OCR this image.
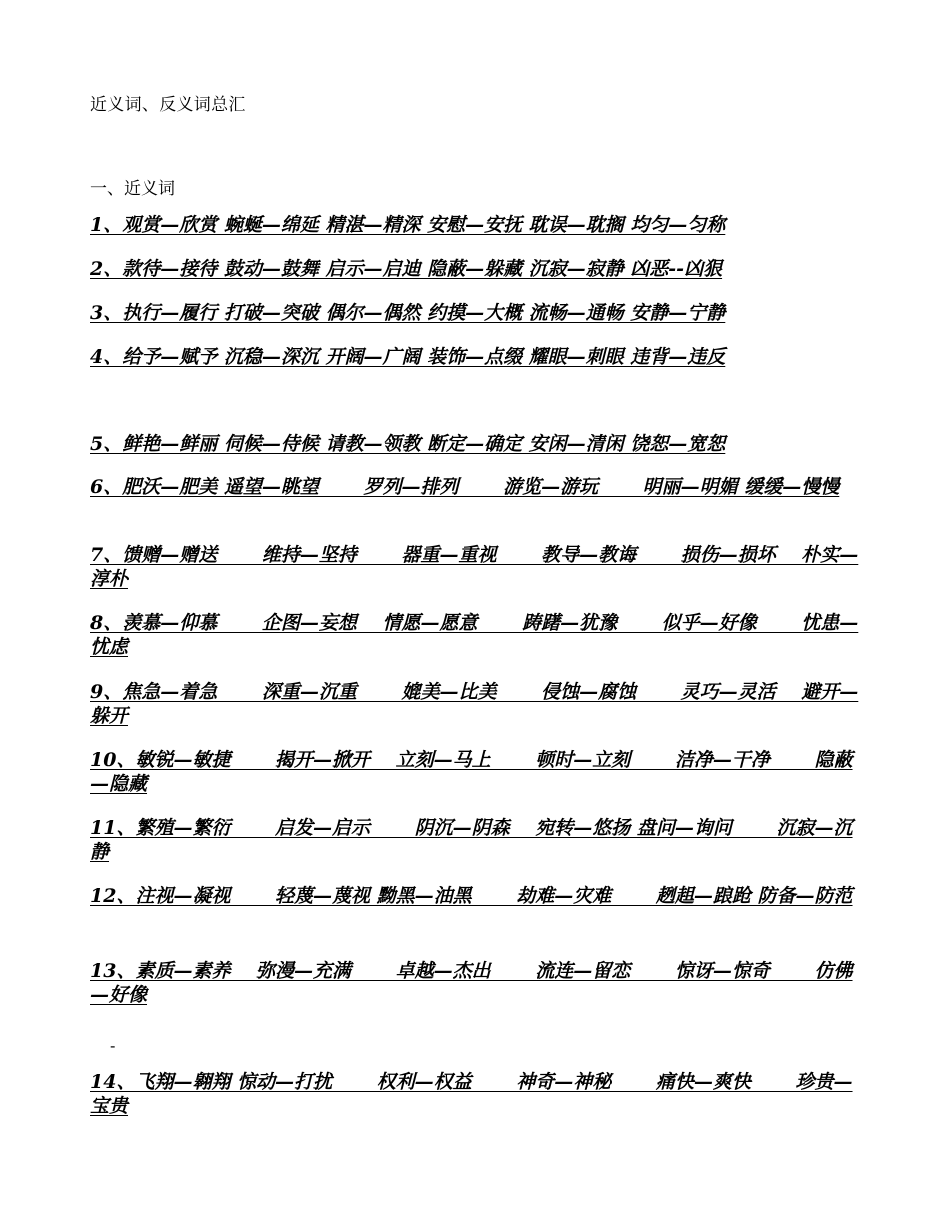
近义词、反义词总汇
一、近义词
1、观赏—欣赏 蜿蜒—绵延 精湛—精深 安慰—安抚 耽误—耽搁 均匀—匀称
2、款待—接待 鼓动—鼓舞 启示—启迪 隐蔽—躲藏 沉寂—寂静 凶恶--凶狠
3、执行—履行 打破—突破 偶尔—偶然 约摸—大概 流畅—通畅 安静—宁静
4、给予—赋予 沉稳—深沉 开阔—广阔 装饰—点缀 耀眼—刺眼 违背—违反
5、鲜艳—鲜丽 伺候—侍候 请教—领教 断定—确定 安闲—清闲 饶恕—宽恕
6、肥沃—肥美 遥望—眺望 　　罗列—排列 　　游览—游玩 　　明丽—明媚 缓缓—慢慢
7、馈赠—赠送 　　维持—坚持 　　器重—重视 　　教导—教诲 　　损伤—损坏 　朴实—淳朴
8、羡慕—仰慕 　　企图—妄想 　情愿—愿意 　　踌躇—犹豫 　　似乎—好像 　　忧患—忧虑
9、焦急—着急 　　深重—沉重 　　媲美—比美 　　侵蚀—腐蚀 　　灵巧—灵活 　避开—躲开
10、敏锐—敏捷 　　揭开—掀开 　立刻—马上 　　顿时—立刻 　　洁净—干净 　　隐蔽—隐藏
11、繁殖—繁衍 　　启发—启示 　　阴沉—阴森 　宛转—悠扬 盘问—询问 　　沉寂—沉静
12、注视—凝视 　　轻蔑—蔑视 黝黑—油黑 　　劫难—灾难 　　趔趄—踉跄 防备—防范
13、素质—素养 　弥漫—充满 　　卓越—杰出 　　流连—留恋 　　惊讶—惊奇 　　仿佛—好像
-
14、飞翔—翱翔 惊动—打扰 　　权利—权益 　　神奇—神秘 　　痛快—爽快 　　珍贵—宝贵
